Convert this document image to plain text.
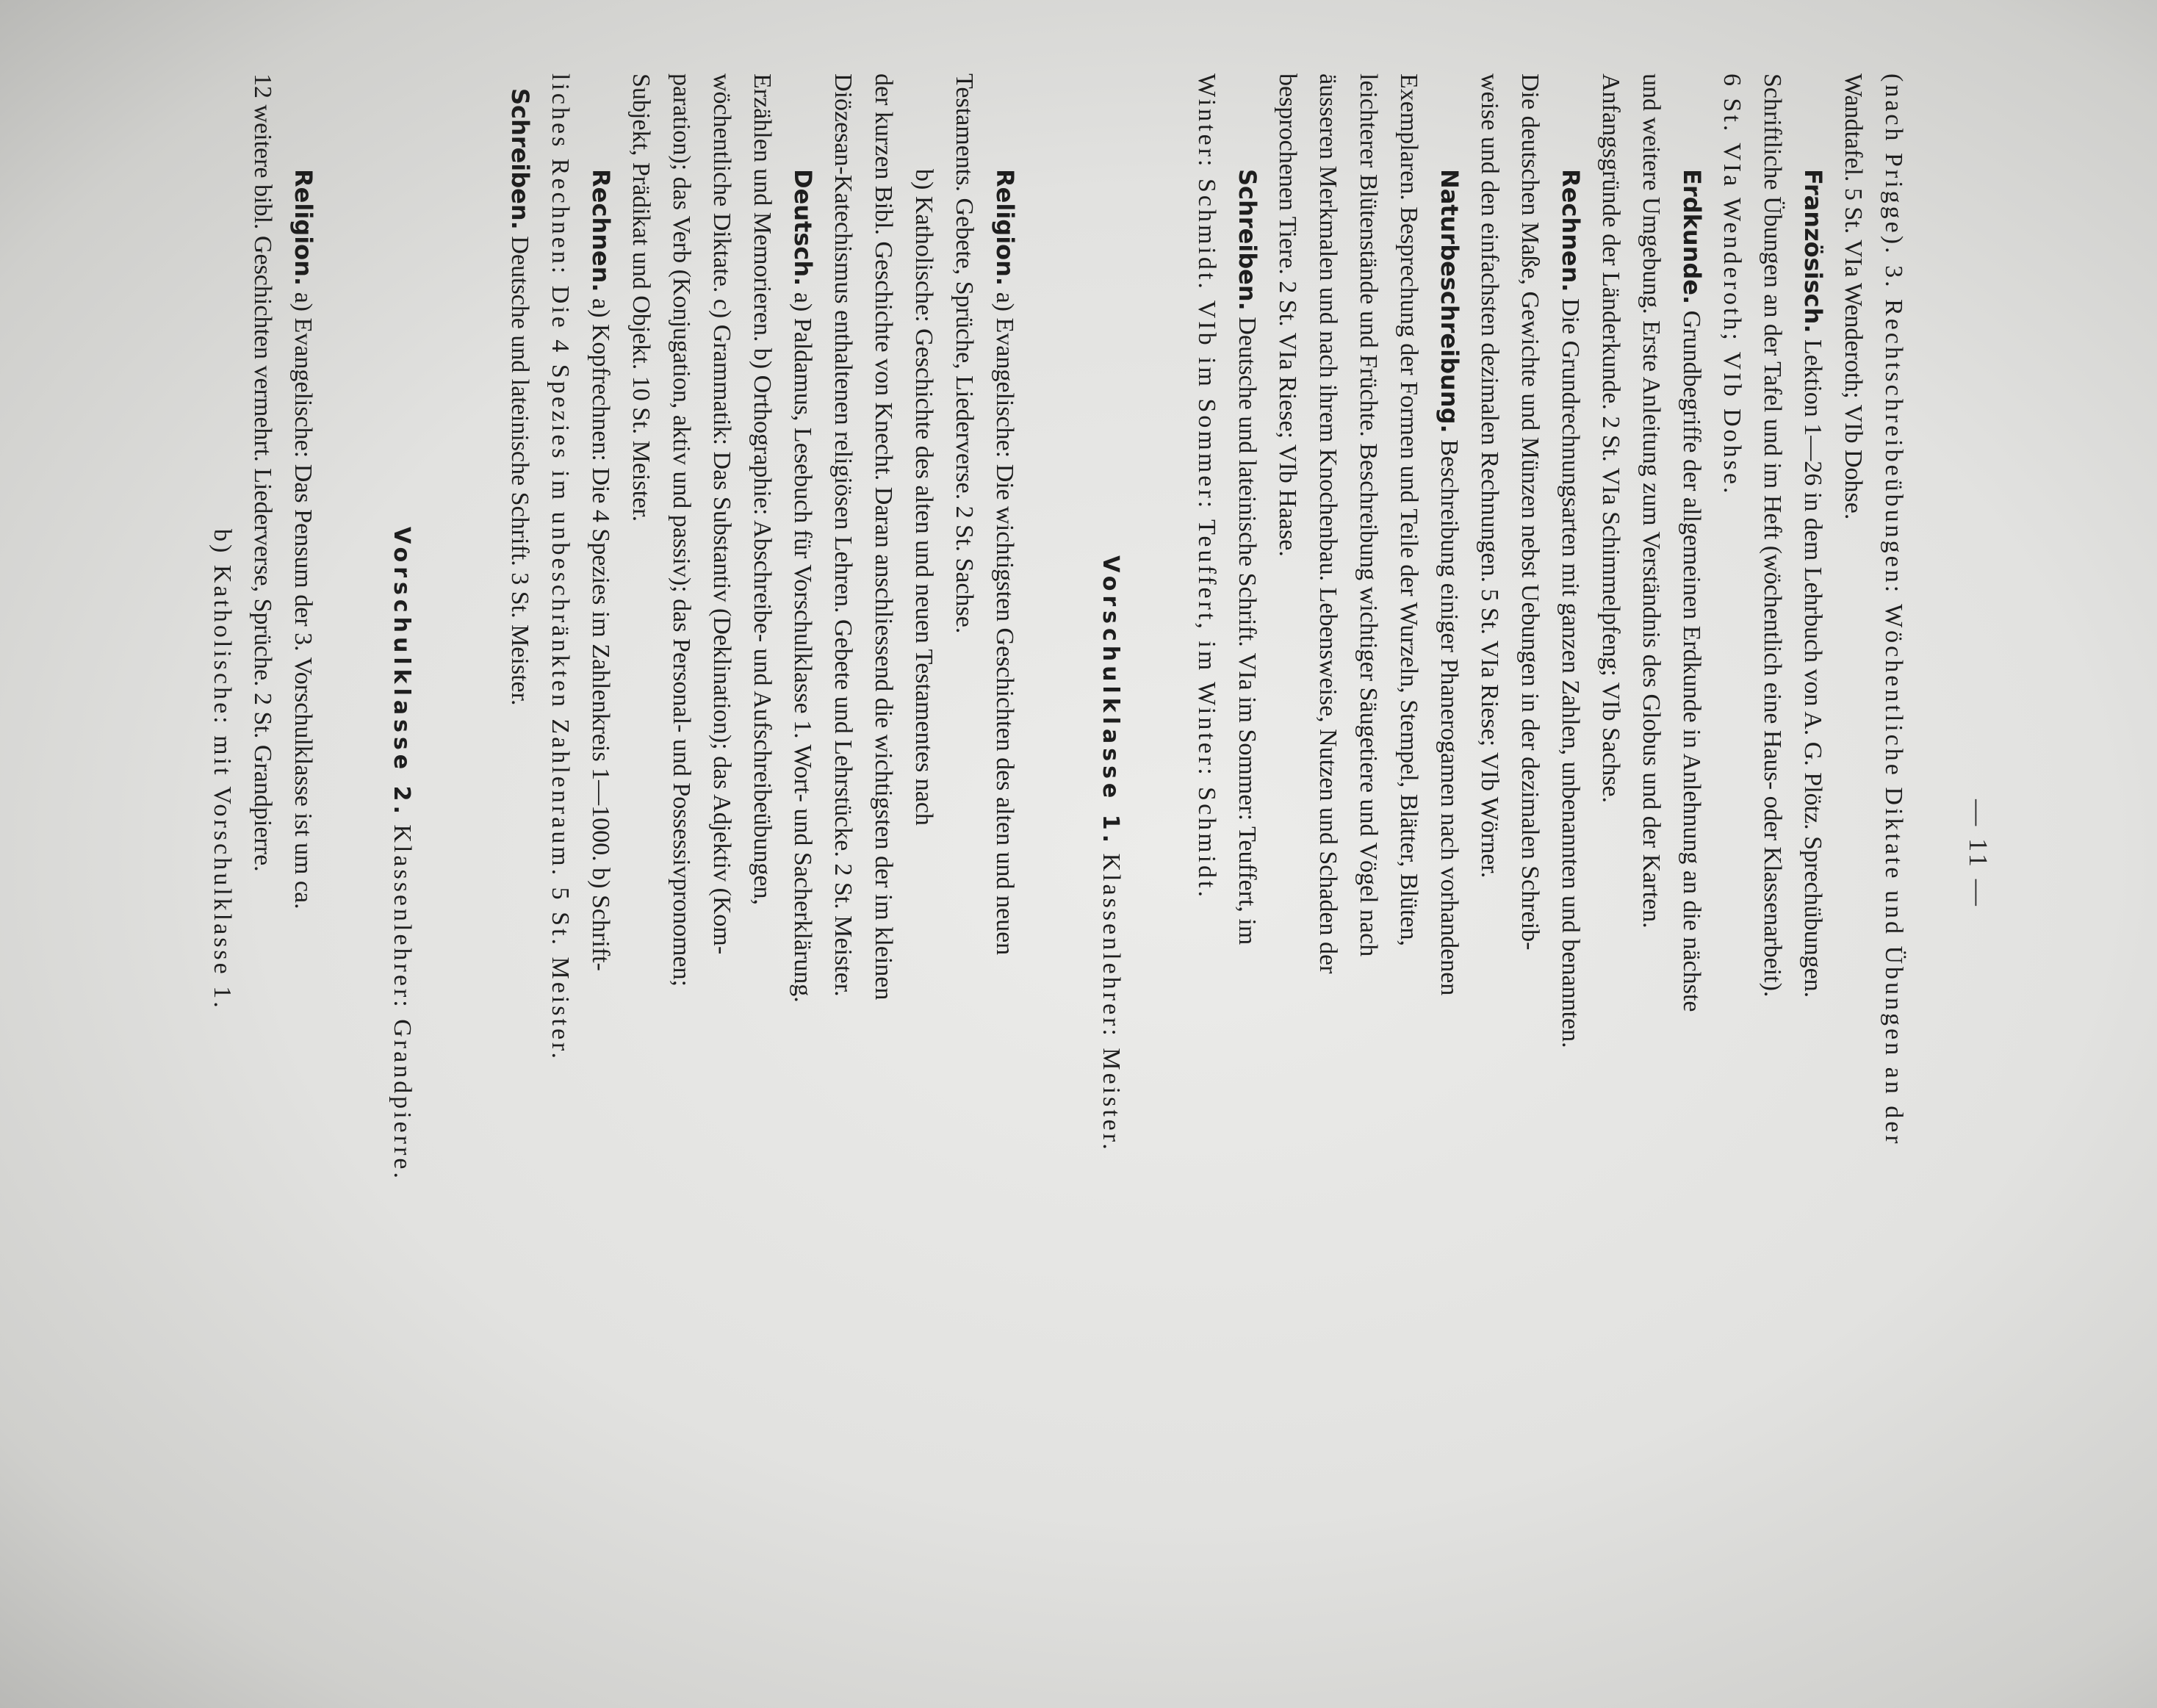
— 11 —
(nach Prigge). 3. Rechtschreibeübungen: Wöchentliche Diktate und Übungen an der
Wandtafel. 5 St. VIa Wenderoth; VIb Dohse.
Französisch. Lektion 1—26 in dem Lehrbuch von A. G. Plötz. Sprechübungen.
Schriftliche Übungen an der Tafel und im Heft (wöchentlich eine Haus- oder Klassenarbeit).
6 St. VIa Wenderoth; VIb Dohse.
Erdkunde. Grundbegriffe der allgemeinen Erdkunde in Anlehnung an die nächste
und weitere Umgebung. Erste Anleitung zum Verständnis des Globus und der Karten.
Anfangsgründe der Länderkunde. 2 St. VIa Schimmelpfeng; VIb Sachse.
Rechnen. Die Grundrechnungsarten mit ganzen Zahlen, unbenannten und benannten.
Die deutschen Maße, Gewichte und Münzen nebst Uebungen in der dezimalen Schreib-
weise und den einfachsten dezimalen Rechnungen. 5 St. VIa Riese; VIb Wörner.
Naturbeschreibung. Beschreibung einiger Phanerogamen nach vorhandenen
Exemplaren. Besprechung der Formen und Teile der Wurzeln, Stempel, Blätter, Blüten,
leichterer Blütenstände und Früchte. Beschreibung wichtiger Säugetiere und Vögel nach
äusseren Merkmalen und nach ihrem Knochenbau. Lebensweise, Nutzen und Schaden der
besprochenen Tiere. 2 St. VIa Riese; VIb Haase.
Schreiben. Deutsche und lateinische Schrift. VIa im Sommer: Teuffert, im
Winter: Schmidt. VIb im Sommer: Teuffert, im Winter: Schmidt.
Vorschulklasse 1. Klassenlehrer: Meister.
Religion. a) Evangelische: Die wichtigsten Geschichten des alten und neuen
Testaments. Gebete, Sprüche, Liederverse. 2 St. Sachse.
b) Katholische: Geschichte des alten und neuen Testamentes nach
der kurzen Bibl. Geschichte von Knecht. Daran anschliessend die wichtigsten der im kleinen
Diözesan-Katechismus enthaltenen religiösen Lehren. Gebete und Lehrstücke. 2 St. Meister.
Deutsch. a) Paldamus, Lesebuch für Vorschulklasse 1. Wort- und Sacherklärung.
Erzählen und Memorieren. b) Orthographie: Abschreibe- und Aufschreibeübungen,
wöchentliche Diktate. c) Grammatik: Das Substantiv (Deklination); das Adjektiv (Kom-
paration); das Verb (Konjugation, aktiv und passiv); das Personal- und Possessivpronomen;
Subjekt, Prädikat und Objekt. 10 St. Meister.
Rechnen. a) Kopfrechnen: Die 4 Spezies im Zahlenkreis 1—1000. b) Schrift-
liches Rechnen: Die 4 Spezies im unbeschränkten Zahlenraum. 5 St. Meister.
Schreiben. Deutsche und lateinische Schrift. 3 St. Meister.
Vorschulklasse 2. Klassenlehrer: Grandpierre.
Religion. a) Evangelische: Das Pensum der 3. Vorschulklasse ist um ca.
12 weitere bibl. Geschichten vermehrt. Liederverse, Sprüche. 2 St. Grandpierre.
b) Katholische: mit Vorschulklasse 1.
